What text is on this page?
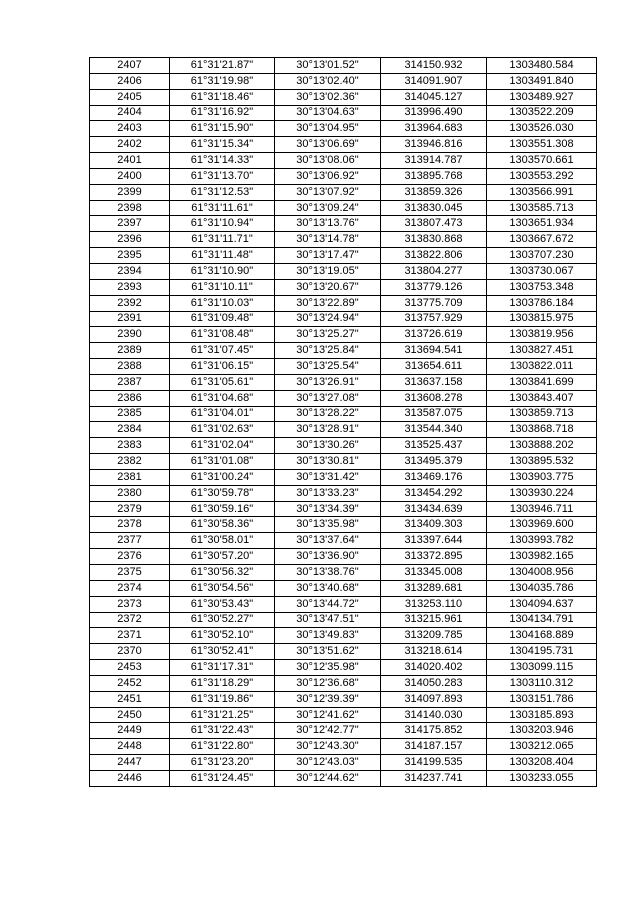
2407	61°31'21.87"	30°13'01.52"	314150.932	1303480.584
2406	61°31'19.98"	30°13'02.40"	314091.907	1303491.840
2405	61°31'18.46"	30°13'02.36"	314045.127	1303489.927
2404	61°31'16.92"	30°13'04.63"	313996.490	1303522.209
2403	61°31'15.90"	30°13'04.95"	313964.683	1303526.030
2402	61°31'15.34"	30°13'06.69"	313946.816	1303551.308
2401	61°31'14.33"	30°13'08.06"	313914.787	1303570.661
2400	61°31'13.70"	30°13'06.92"	313895.768	1303553.292
2399	61°31'12.53"	30°13'07.92"	313859.326	1303566.991
2398	61°31'11.61"	30°13'09.24"	313830.045	1303585.713
2397	61°31'10.94"	30°13'13.76"	313807.473	1303651.934
2396	61°31'11.71"	30°13'14.78"	313830.868	1303667.672
2395	61°31'11.48"	30°13'17.47"	313822.806	1303707.230
2394	61°31'10.90"	30°13'19.05"	313804.277	1303730.067
2393	61°31'10.11"	30°13'20.67"	313779.126	1303753.348
2392	61°31'10.03"	30°13'22.89"	313775.709	1303786.184
2391	61°31'09.48"	30°13'24.94"	313757.929	1303815.975
2390	61°31'08.48"	30°13'25.27"	313726.619	1303819.956
2389	61°31'07.45"	30°13'25.84"	313694.541	1303827.451
2388	61°31'06.15"	30°13'25.54"	313654.611	1303822.011
2387	61°31'05.61"	30°13'26.91"	313637.158	1303841.699
2386	61°31'04.68"	30°13'27.08"	313608.278	1303843.407
2385	61°31'04.01"	30°13'28.22"	313587.075	1303859.713
2384	61°31'02.63"	30°13'28.91"	313544.340	1303868.718
2383	61°31'02.04"	30°13'30.26"	313525.437	1303888.202
2382	61°31'01.08"	30°13'30.81"	313495.379	1303895.532
2381	61°31'00.24"	30°13'31.42"	313469.176	1303903.775
2380	61°30'59.78"	30°13'33.23"	313454.292	1303930.224
2379	61°30'59.16"	30°13'34.39"	313434.639	1303946.711
2378	61°30'58.36"	30°13'35.98"	313409.303	1303969.600
2377	61°30'58.01"	30°13'37.64"	313397.644	1303993.782
2376	61°30'57.20"	30°13'36.90"	313372.895	1303982.165
2375	61°30'56.32"	30°13'38.76"	313345.008	1304008.956
2374	61°30'54.56"	30°13'40.68"	313289.681	1304035.786
2373	61°30'53.43"	30°13'44.72"	313253.110	1304094.637
2372	61°30'52.27"	30°13'47.51"	313215.961	1304134.791
2371	61°30'52.10"	30°13'49.83"	313209.785	1304168.889
2370	61°30'52.41"	30°13'51.62"	313218.614	1304195.731
2453	61°31'17.31"	30°12'35.98"	314020.402	1303099.115
2452	61°31'18.29"	30°12'36.68"	314050.283	1303110.312
2451	61°31'19.86"	30°12'39.39"	314097.893	1303151.786
2450	61°31'21.25"	30°12'41.62"	314140.030	1303185.893
2449	61°31'22.43"	30°12'42.77"	314175.852	1303203.946
2448	61°31'22.80"	30°12'43.30"	314187.157	1303212.065
2447	61°31'23.20"	30°12'43.03"	314199.535	1303208.404
2446	61°31'24.45"	30°12'44.62"	314237.741	1303233.055
